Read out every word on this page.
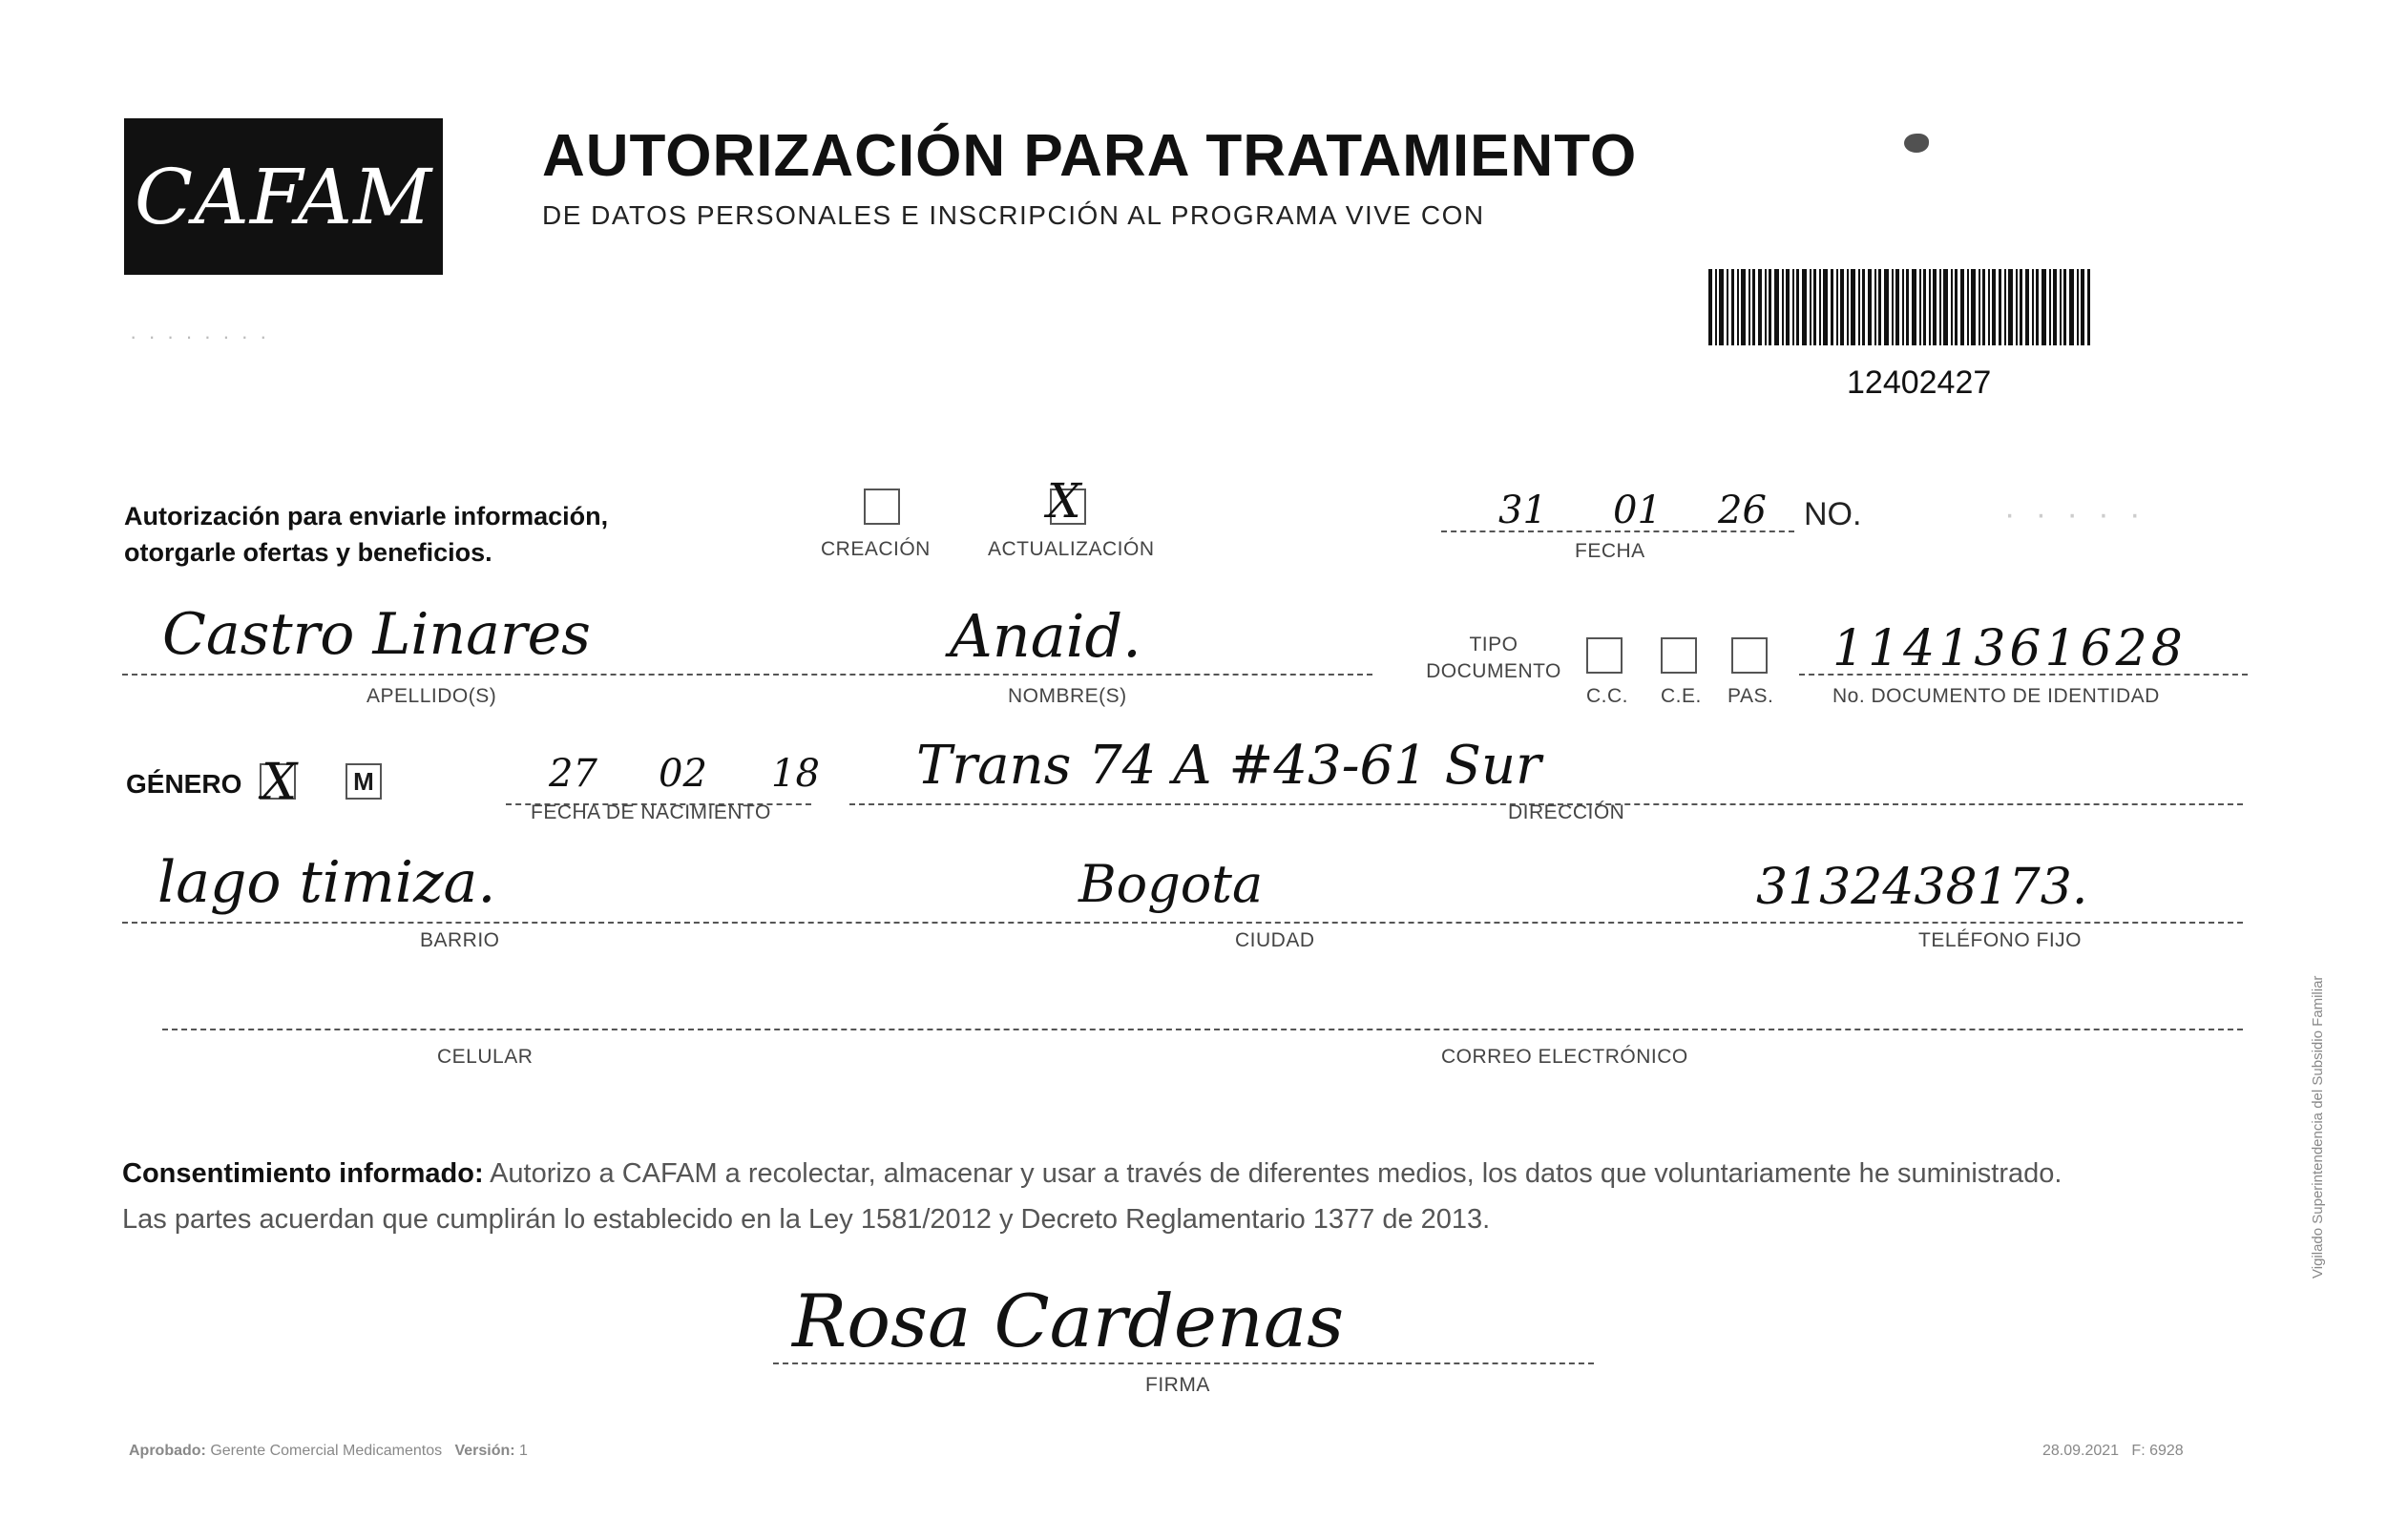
CAFAM AUTORIZACIÓN PARA TRATAMIENTO
DE DATOS PERSONALES E INSCRIPCIÓN AL PROGRAMA VIVE CON
· · · · · · · ·
12402427
Autorización para enviarle información,
otorgarle ofertas y beneficios.	CREACIÓN
X
ACTUALIZACIÓN
31 01 26
FECHA
NO.	· · · · ·
Castro Linares
APELLIDO(S)
Anaid.
NOMBRE(S)
TIPO DOCUMENTO
C.C. C.E. PAS.
1141361628
No. DOCUMENTO DE IDENTIDAD
GÉNERO X	M	27 02 18
FECHA DE NACIMIENTO
Trans 74 A #43-61 Sur
DIRECCIÓN
lago timiza.
BARRIO
Bogota
CIUDAD
3132438173.
TELÉFONO FIJO
CELULAR	CORREO ELECTRÓNICO
Consentimiento informado: Autorizo a CAFAM a recolectar, almacenar y usar a través de diferentes medios, los datos que voluntariamente he suministrado.
Las partes acuerdan que cumplirán lo establecido en la Ley 1581/2012 y Decreto Reglamentario 1377 de 2013.
Rosa Cardenas
FIRMA
Aprobado: Gerente Comercial Medicamentos Versión: 1	28.09.2021 F: 6928
Vigilado Superintendencia del Subsidio Familiar
